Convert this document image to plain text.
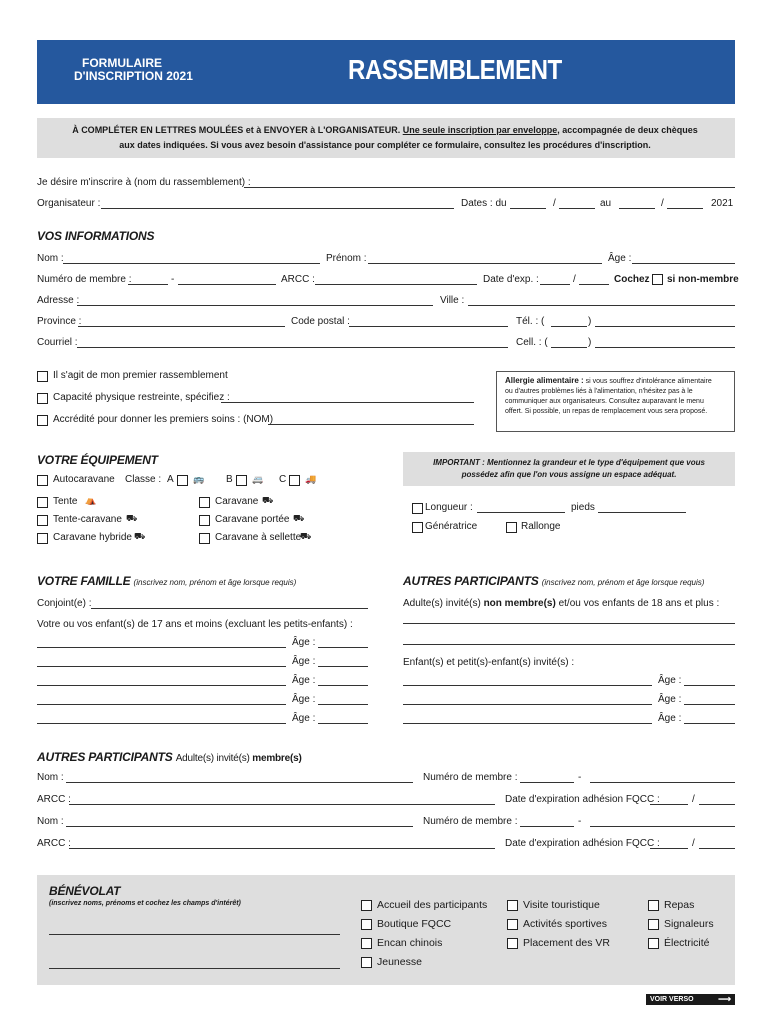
FORMULAIRE
D'INSCRIPTION 2021	RASSEMBLEMENT
À COMPLÉTER EN LETTRES MOULÉES et à ENVOYER à L'ORGANISATEUR. Une seule inscription par enveloppe, accompagnée de deux chèques
aux dates indiquées. Si vous avez besoin d'assistance pour compléter ce formulaire, consultez les procédures d'inscription.
Je désire m'inscrire à (nom du rassemblement) :
Organisateur :	Dates : du	/	au	/	2021
VOS INFORMATIONS
Nom :	Prénom :	Âge :
Numéro de membre :	-	ARCC :	Date d'exp. :	/	Cochez si non-membre
Adresse :	Ville :
Province :	Code postal :	Tél. : (	)
Courriel :	Cell. : (	)
Il s'agit de mon premier rassemblement
Capacité physique restreinte, spécifiez :
Accrédité pour donner les premiers soins : (NOM)
Allergie alimentaire : si vous souffrez d'intolérance alimentaire
ou d'autres problèmes liés à l'alimentation, n'hésitez pas à le
communiquer aux organisateurs. Consultez auparavant le menu
offert. Si possible, un repas de remplacement vous sera proposé.
VOTRE ÉQUIPEMENT
Autocaravane Classe : A 🚌 B 🚐 C 🚚
Tente ⛺
Tente-caravane ⛟
Caravane hybride ⛟
Caravane ⛟
Caravane portée ⛟
Caravane à sellette
⛟
IMPORTANT : Mentionnez la grandeur et le type d'équipement que vous
possédez afin que l'on vous assigne un espace adéquat.
Longueur :	pieds
Génératrice	Rallonge
VOTRE FAMILLE (inscrivez nom, prénom et âge lorsque requis)
Conjoint(e) :
Votre ou vos enfant(s) de 17 ans et moins (excluant les petits-enfants) :
Âge :
Âge :
Âge :
Âge :
Âge :
AUTRES PARTICIPANTS (inscrivez nom, prénom et âge lorsque requis)
Adulte(s) invité(s) non membre(s) et/ou vos enfants de 18 ans et plus :
Enfant(s) et petit(s)-enfant(s) invité(s) :
Âge :
Âge :
Âge :
AUTRES PARTICIPANTS Adulte(s) invité(s) membre(s)
Nom :	Numéro de membre :	-
ARCC :	Date d'expiration adhésion FQCC :	/
Nom :	Numéro de membre :	-
ARCC :	Date d'expiration adhésion FQCC :	/
BÉNÉVOLAT
(inscrivez noms, prénoms et cochez les champs d'intérêt)	Accueil des participants
Boutique FQCC
Encan chinois
Jeunesse
Visite touristique
Activités sportives
Placement des VR
Repas
Signaleurs
Électricité
VOIR VERSO	⟶
